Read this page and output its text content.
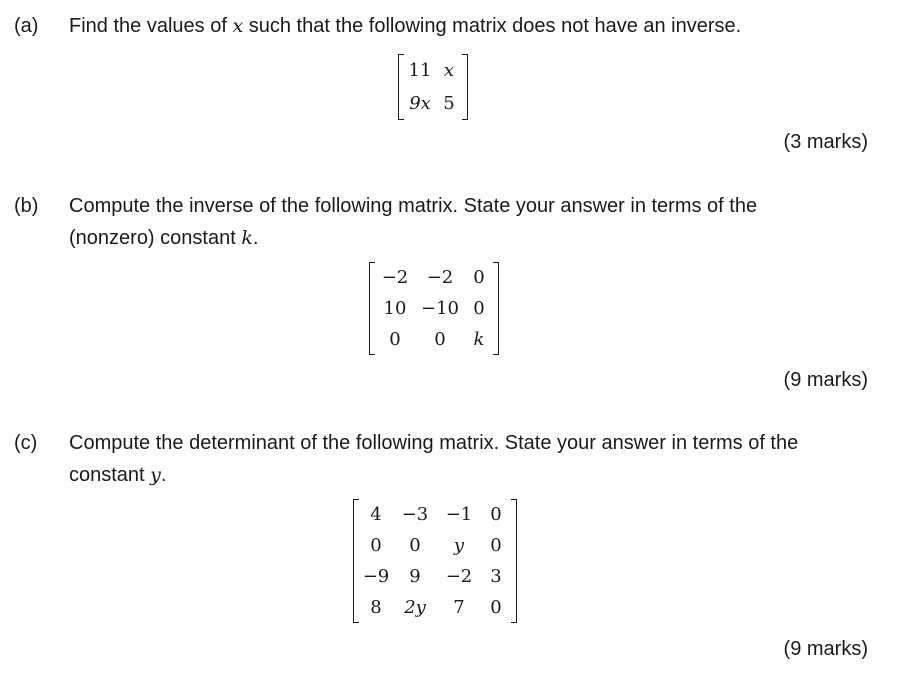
(a) Find the values of x such that the following matrix does not have an inverse.
11	x
9x	5
(3 marks)
(b) Compute the inverse of the following matrix. State your answer in terms of the
(nonzero) constant k.
−2	−2	0
10	−10	0
0	0	k
(9 marks)
(c) Compute the determinant of the following matrix. State your answer in terms of the
constant y.
4	−3	−1	0
0	0	y	0
−9	9	−2	3
8	2y	7	0
(9 marks)
